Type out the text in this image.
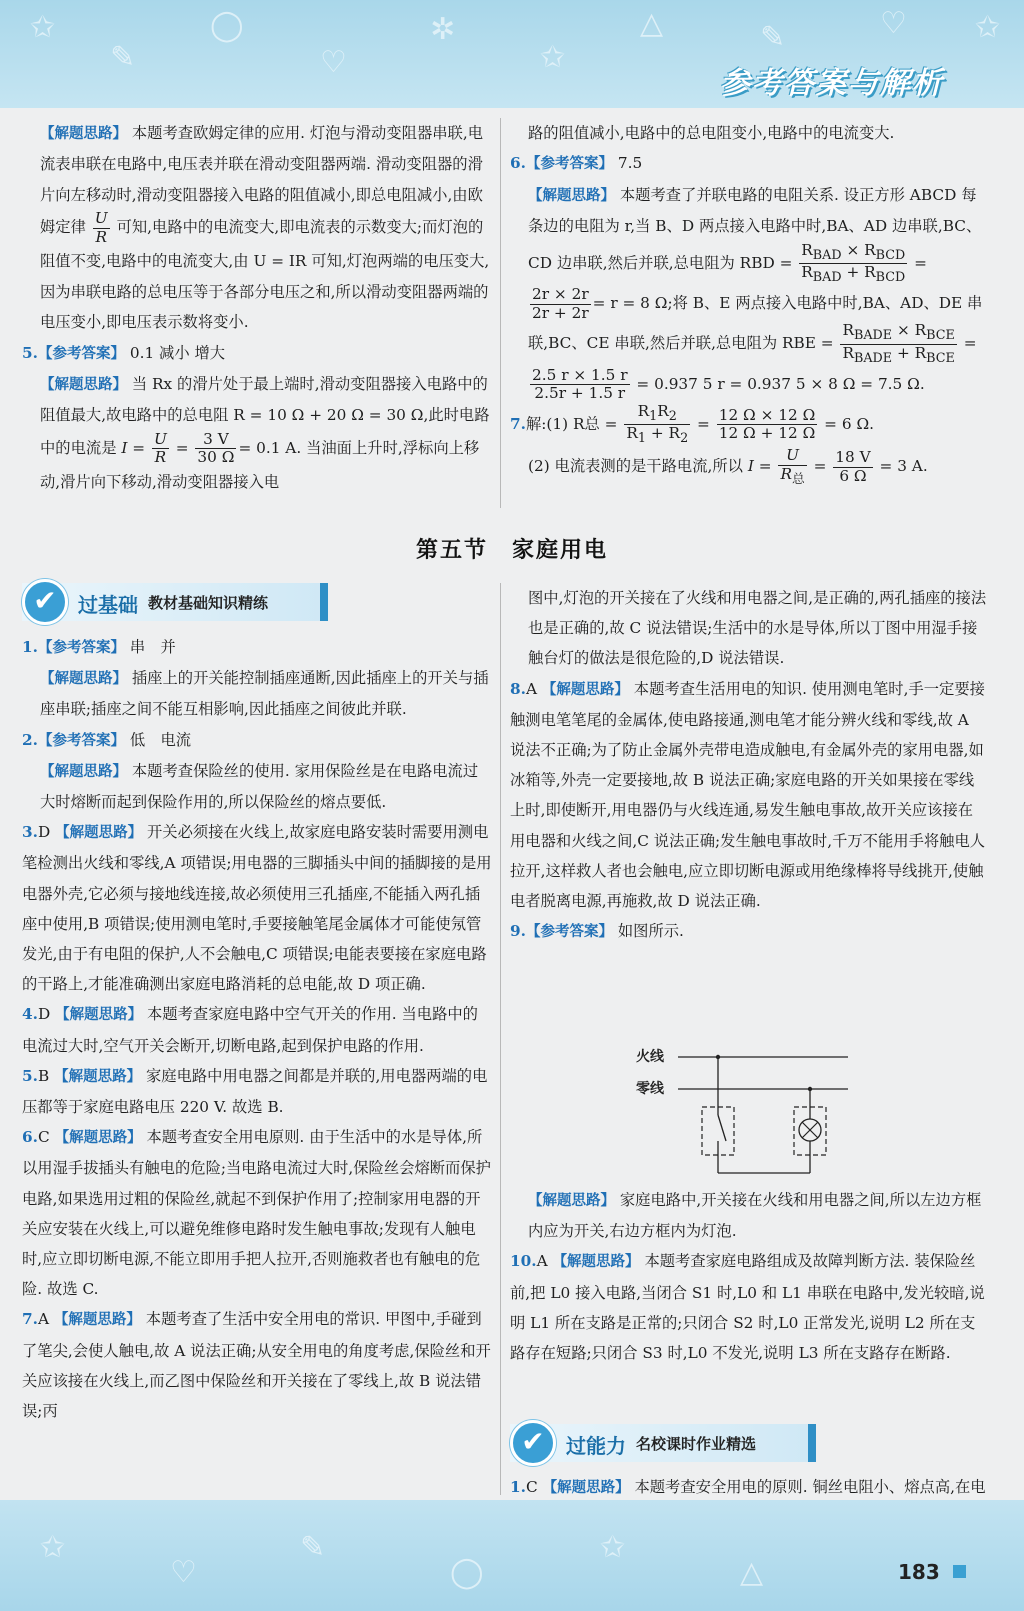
✩
✎
◯
♡
✲
✩
△	✎	♡ ✩
参考答案与解析

【解题思路】 本题考查欧姆定律的应用. 灯泡与滑动变阻器串联,电流表串联在电路中,电压表并联在滑动变阻器两端. 滑动变阻器的滑片向左移动时,滑动变阻器接入电路的阻值减小,即总电阻减小,由欧姆定律 $\frac{U}{R}$ 可知,电路中的电流变大,即电流表的示数变大;而灯泡的阻值不变,电路中的电流变大,由 U = IR 可知,灯泡两端的电压变大,因为串联电路的总电压等于各部分电压之和,所以滑动变阻器两端的电压变小,即电压表示数将变小.

5.【参考答案】 0.1 减小 增大

【解题思路】 当 Rx 的滑片处于最上端时,滑动变阻器接入电路中的阻值最大,故电路中的总电阻 R = 10 Ω + 20 Ω = 30 Ω,此时电路中的电流是 $I = \frac{U}{R} = \frac{3 V}{30 \Omega} = 0.1$ A. 当油面上升时,浮标向上移动,滑片向下移动,滑动变阻器接入电

路的阻值减小,电路中的总电阻变小,电路中的电流变大.

6.【参考答案】 7.5

【解题思路】 本题考查了并联电路的电阻关系. 设正方形 ABCD 每条边的电阻为 r,当 B、D 两点接入电路中时,BA、AD 边串联,BC、CD 边串联,然后并联,总电阻为 RBD = $\frac{R_{BAD} \times R_{BCD}}{R_{BAD} + R_{BCD}}$ =
$\frac{2r \times 2r}{2r + 2r} = r = 8$ Ω;将 B、E 两点接入电路中时,BA、AD、DE 串联,BC、CE 串联,然后并联,总电阻为 RBE = $\frac{R_{BADE} \times R_{BCE}}{R_{BADE} + R_{BCE}}$ =
$\frac{2.5 r \times 1.5 r}{2.5r + 1.5 r} = 0.937$ 5 r = 0.937 5 × 8 Ω = 7.5 Ω.

7.解:(1) R总 = $\frac{R_1R_2}{R_1 + R_2} = \frac{12 \Omega \times 12 \Omega}{12 \Omega + 12 \Omega} = 6$ Ω.

(2) 电流表测的是干路电流,所以 $I = \frac{U}{R_总} = \frac{18 V}{6 \Omega} = 3$ A.

第五节　家庭用电
✔	过基础 教材基础知识精练

1.【参考答案】 串　并

【解题思路】 插座上的开关能控制插座通断,因此插座上的开关与插座串联;插座之间不能互相影响,因此插座之间彼此并联.

2.【参考答案】 低　电流

【解题思路】 本题考查保险丝的使用. 家用保险丝是在电路电流过大时熔断而起到保险作用的,所以保险丝的熔点要低.

3.D 【解题思路】 开关必须接在火线上,故家庭电路安装时需要用测电笔检测出火线和零线,A 项错误;用电器的三脚插头中间的插脚接的是用电器外壳,它必须与接地线连接,故必须使用三孔插座,不能插入两孔插座中使用,B 项错误;使用测电笔时,手要接触笔尾金属体才可能使氖管发光,由于有电阻的保护,人不会触电,C 项错误;电能表要接在家庭电路的干路上,才能准确测出家庭电路消耗的总电能,故 D 项正确.

4.D 【解题思路】 本题考查家庭电路中空气开关的作用. 当电路中的电流过大时,空气开关会断开,切断电路,起到保护电路的作用.

5.B 【解题思路】 家庭电路中用电器之间都是并联的,用电器两端的电压都等于家庭电路电压 220 V. 故选 B.

6.C 【解题思路】 本题考查安全用电原则. 由于生活中的水是导体,所以用湿手拔插头有触电的危险;当电路电流过大时,保险丝会熔断而保护电路,如果选用过粗的保险丝,就起不到保护作用了;控制家用电器的开关应安装在火线上,可以避免维修电路时发生触电事故;发现有人触电时,应立即切断电源,不能立即用手把人拉开,否则施救者也有触电的危险. 故选 C.

7.A 【解题思路】 本题考查了生活中安全用电的常识. 甲图中,手碰到了笔尖,会使人触电,故 A 说法正确;从安全用电的角度考虑,保险丝和开关应该接在火线上,而乙图中保险丝和开关接在了零线上,故 B 说法错误;丙

图中,灯泡的开关接在了火线和用电器之间,是正确的,两孔插座的接法也是正确的,故 C 说法错误;生活中的水是导体,所以丁图中用湿手接触台灯的做法是很危险的,D 说法错误.

8.A 【解题思路】 本题考查生活用电的知识. 使用测电笔时,手一定要接触测电笔笔尾的金属体,使电路接通,测电笔才能分辨火线和零线,故 A 说法不正确;为了防止金属外壳带电造成触电,有金属外壳的家用电器,如冰箱等,外壳一定要接地,故 B 说法正确;家庭电路的开关如果接在零线上时,即使断开,用电器仍与火线连通,易发生触电事故,故开关应该接在用电器和火线之间,C 说法正确;发生触电事故时,千万不能用手将触电人拉开,这样救人者也会触电,应立即切断电源或用绝缘棒将导线挑开,使触电者脱离电源,再施救,故 D 说法正确.

9.【参考答案】 如图所示.

火线
零线

【解题思路】 家庭电路中,开关接在火线和用电器之间,所以左边方框内应为开关,右边方框内为灯泡.

10.A 【解题思路】 本题考查家庭电路组成及故障判断方法. 装保险丝前,把 L0 接入电路,当闭合 S1 时,L0 和 L1 串联在电路中,发光较暗,说明 L1 所在支路是正常的;只闭合 S2 时,L0 正常发光,说明 L2 所在支路存在短路;只闭合 S3 时,L0 不发光,说明 L3 所在支路存在断路.

✔	过能力 名校课时作业精选

1.C 【解题思路】 本题考查安全用电的原则. 铜丝电阻小、熔点高,在电

✩
♡
✎
◯
✩
△	183
